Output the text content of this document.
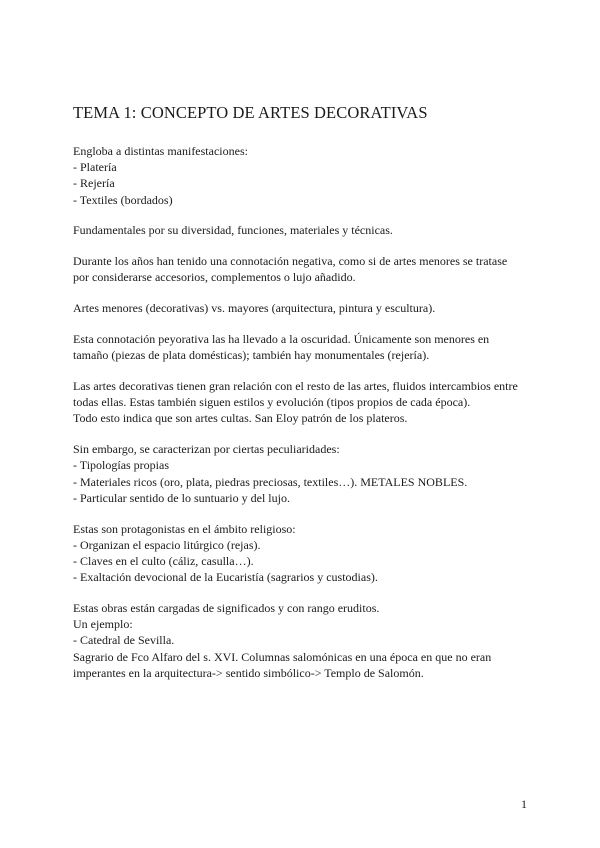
TEMA 1: CONCEPTO DE ARTES DECORATIVAS

Engloba a distintas manifestaciones:
- Platería
- Rejería
- Textiles (bordados)

Fundamentales por su diversidad, funciones, materiales y técnicas.

Durante los años han tenido una connotación negativa, como si de artes menores se tratase
por considerarse accesorios, complementos o lujo añadido.

Artes menores (decorativas) vs. mayores (arquitectura, pintura y escultura).

Esta connotación peyorativa las ha llevado a la oscuridad. Únicamente son menores en
tamaño (piezas de plata domésticas); también hay monumentales (rejería).

Las artes decorativas tienen gran relación con el resto de las artes, fluidos intercambios entre
todas ellas. Estas también siguen estilos y evolución (tipos propios de cada época).
Todo esto indica que son artes cultas. San Eloy patrón de los plateros.

Sin embargo, se caracterizan por ciertas peculiaridades:
- Tipologías propias
- Materiales ricos (oro, plata, piedras preciosas, textiles…). METALES NOBLES.
- Particular sentido de lo suntuario y del lujo.

Estas son protagonistas en el ámbito religioso:
- Organizan el espacio litúrgico (rejas).
- Claves en el culto (cáliz, casulla…).
- Exaltación devocional de la Eucaristía (sagrarios y custodias).

Estas obras están cargadas de significados y con rango eruditos.
Un ejemplo:
- Catedral de Sevilla.
Sagrario de Fco Alfaro del s. XVI. Columnas salomónicas en una época en que no eran
imperantes en la arquitectura-> sentido simbólico-> Templo de Salomón.

1
